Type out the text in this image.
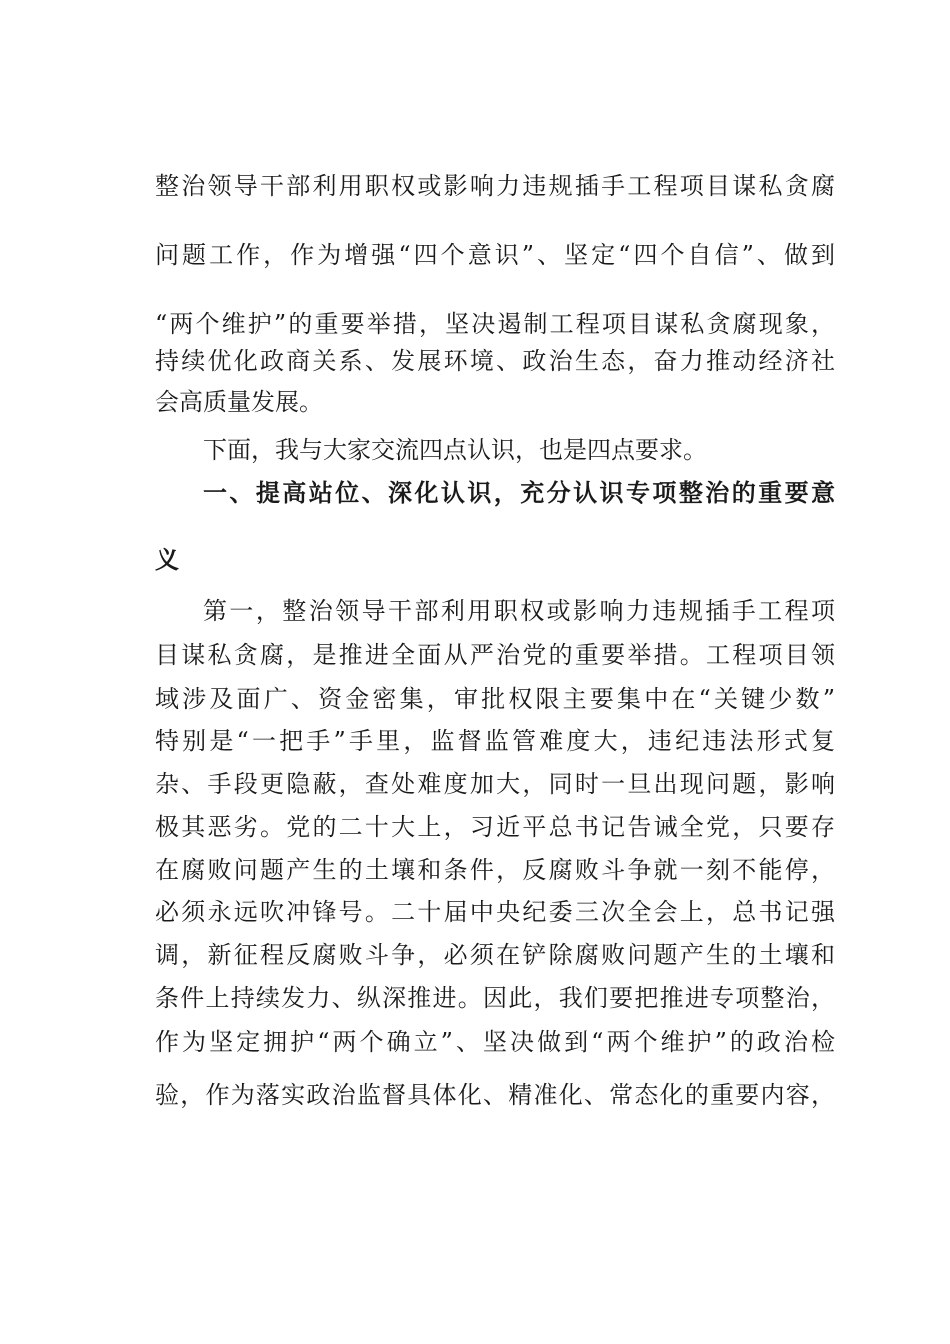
整治领导干部利用职权或影响力违规插手工程项目谋私贪腐
问题工作，作为增强“四个意识”、坚定“四个自信”、做到
“两个维护”的重要举措，坚决遏制工程项目谋私贪腐现象，
持续优化政商关系、发展环境、政治生态，奋力推动经济社
会高质量发展。
下面，我与大家交流四点认识，也是四点要求。
一、提高站位、深化认识，充分认识专项整治的重要意
义
第一，整治领导干部利用职权或影响力违规插手工程项
目谋私贪腐，是推进全面从严治党的重要举措。工程项目领
域涉及面广、资金密集，审批权限主要集中在“关键少数”
特别是“一把手”手里，监督监管难度大，违纪违法形式复
杂、手段更隐蔽，查处难度加大，同时一旦出现问题，影响
极其恶劣。党的二十大上，习近平总书记告诫全党，只要存
在腐败问题产生的土壤和条件，反腐败斗争就一刻不能停，
必须永远吹冲锋号。二十届中央纪委三次全会上，总书记强
调，新征程反腐败斗争，必须在铲除腐败问题产生的土壤和
条件上持续发力、纵深推进。因此，我们要把推进专项整治，
作为坚定拥护“两个确立”、坚决做到“两个维护”的政治检
验，作为落实政治监督具体化、精准化、常态化的重要内容，
